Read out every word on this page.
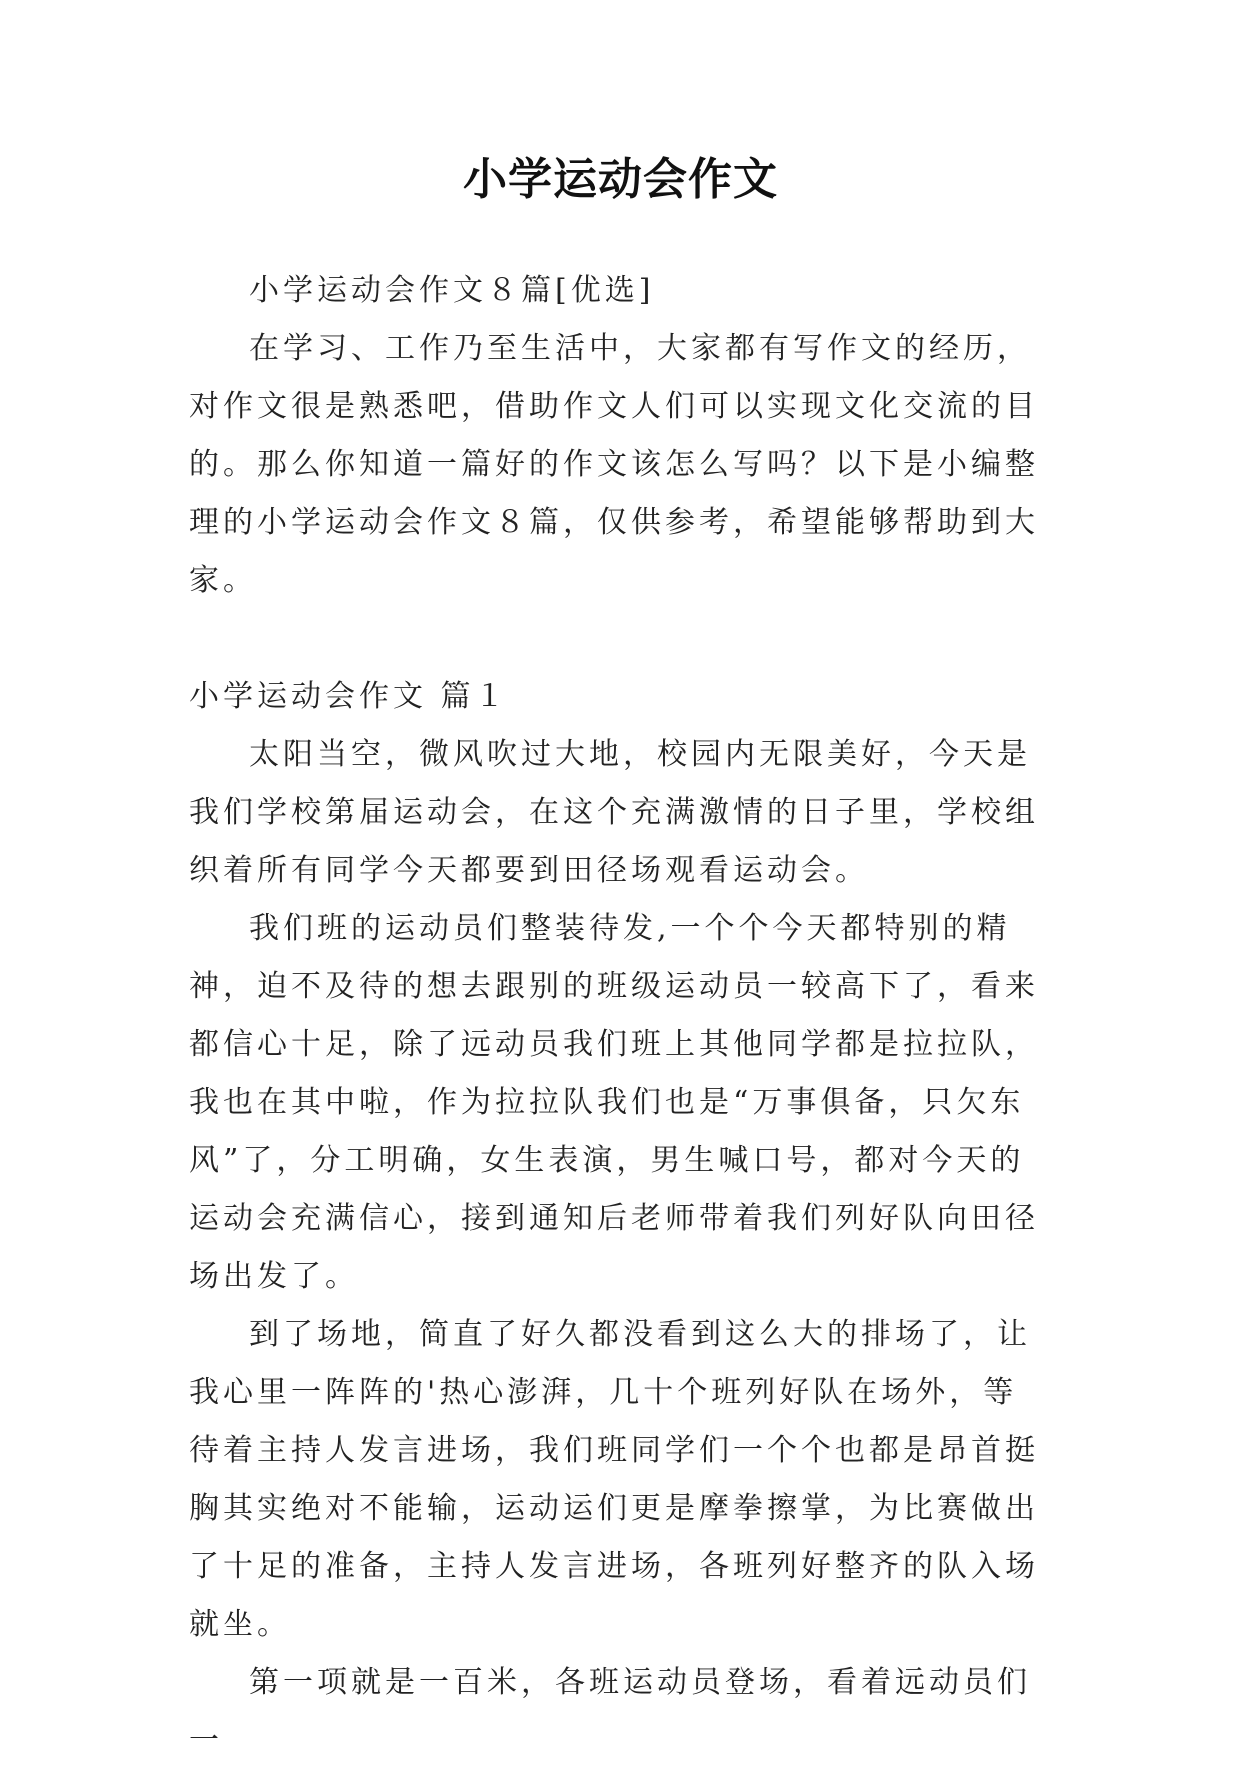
小学运动会作文

小学运动会作文８篇[优选]

在学习、工作乃至生活中，大家都有写作文的经历，对作文很是熟悉吧，借助作文人们可以实现文化交流的目的。那么你知道一篇好的作文该怎么写吗？以下是小编整理的小学运动会作文８篇，仅供参考，希望能够帮助到大家。

小学运动会作文 篇１

太阳当空，微风吹过大地，校园内无限美好，今天是我们学校第届运动会，在这个充满激情的日子里，学校组织着所有同学今天都要到田径场观看运动会。

我们班的运动员们整装待发,一个个今天都特别的精神，迫不及待的想去跟别的班级运动员一较高下了，看来都信心十足，除了远动员我们班上其他同学都是拉拉队，我也在其中啦，作为拉拉队我们也是“万事俱备，只欠东风”了，分工明确，女生表演，男生喊口号，都对今天的运动会充满信心，接到通知后老师带着我们列好队向田径场出发了。

到了场地，简直了好久都没看到这么大的排场了，让我心里一阵阵的'热心澎湃，几十个班列好队在场外，等待着主持人发言进场，我们班同学们一个个也都是昂首挺胸其实绝对不能输，运动运们更是摩拳擦掌，为比赛做出了十足的准备，主持人发言进场，各班列好整齐的队入场就坐。

第一项就是一百米，各班运动员登场，看着远动员们一
